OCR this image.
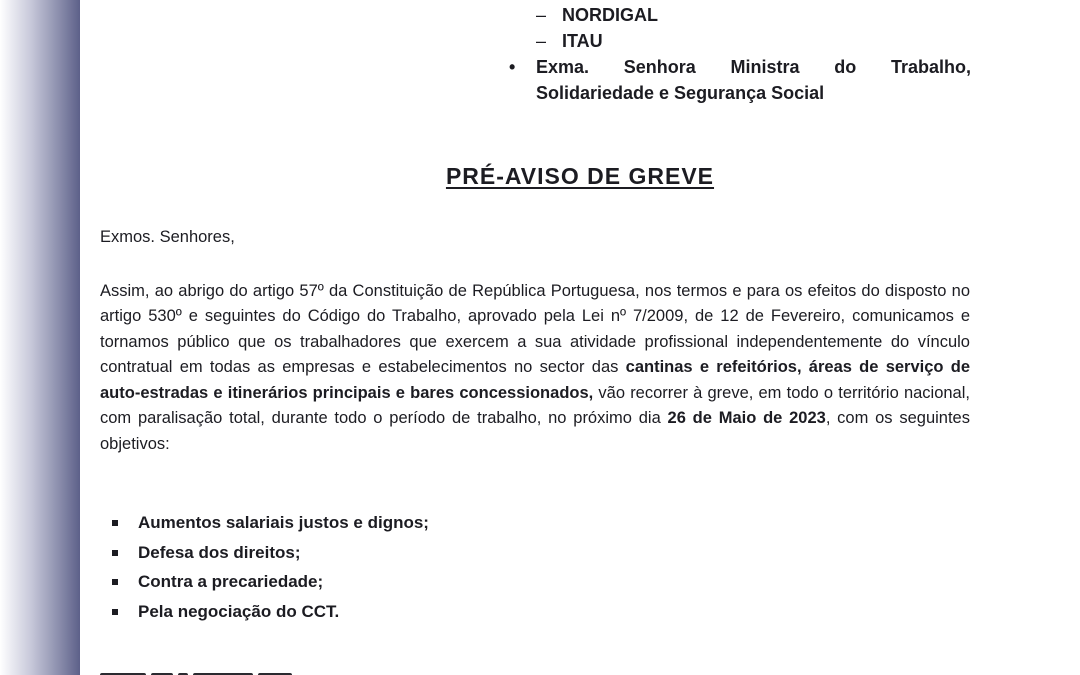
– NORDIGAL
– ITAU
• Exma. Senhora Ministra do Trabalho,
Solidariedade e Segurança Social
PRÉ-AVISO DE GREVE
Exmos. Senhores,

Assim, ao abrigo do artigo 57º da Constituição de República Portuguesa, nos termos e para os efeitos do disposto no artigo 530º e seguintes do Código do Trabalho, aprovado pela Lei nº 7/2009, de 12 de Fevereiro, comunicamos e tornamos público que os trabalhadores que exercem a sua atividade profissional independentemente do vínculo contratual em todas as empresas e estabelecimentos no sector das cantinas e refeitórios, áreas de serviço de auto-estradas e itinerários principais e bares concessionados, vão recorrer à greve, em todo o território nacional, com paralisação total, durante todo o período de trabalho, no próximo dia 26 de Maio de 2023, com os seguintes objetivos:

Aumentos salariais justos e dignos;
Defesa dos direitos;
Contra a precariedade;
Pela negociação do CCT.
